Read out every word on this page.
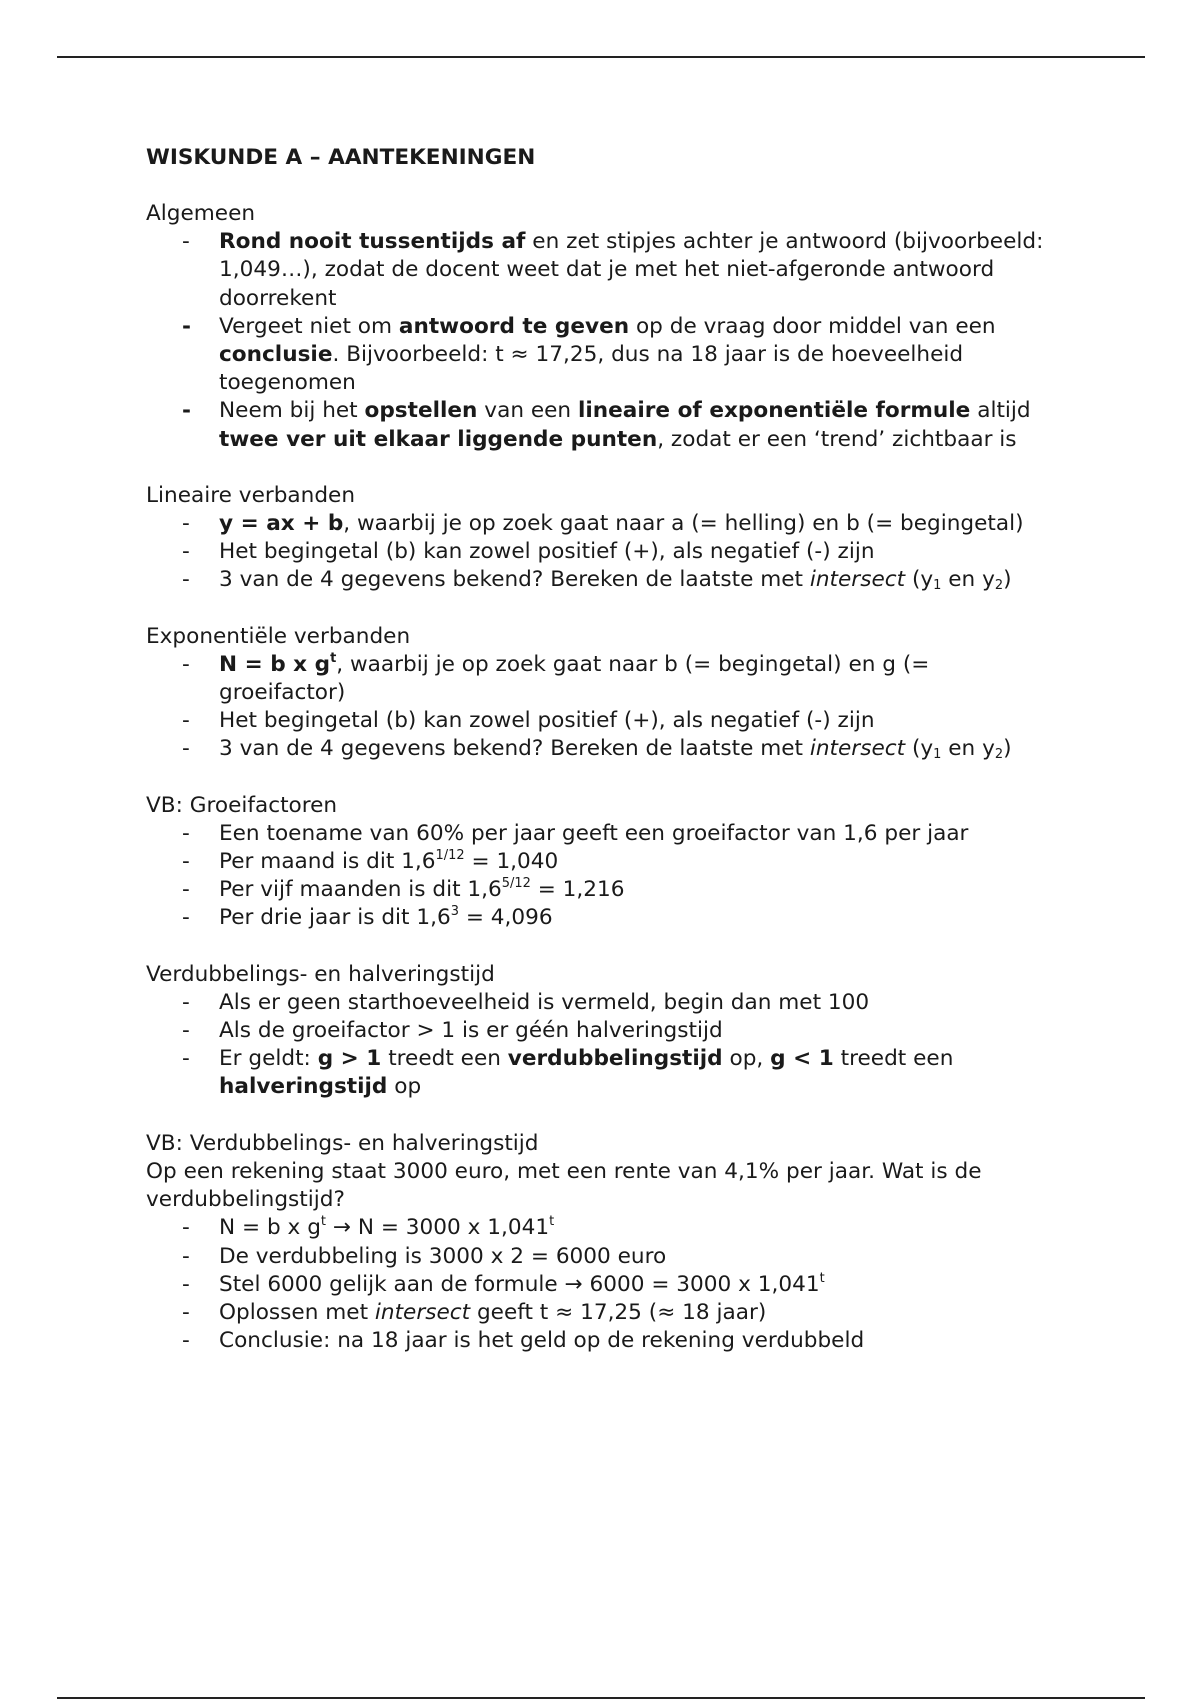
WISKUNDE A – AANTEKENINGEN

Algemeen

- Rond nooit tussentijds af en zet stipjes achter je antwoord (bijvoorbeeld: 1,049…), zodat de docent weet dat je met het niet-afgeronde antwoord doorrekent
- Vergeet niet om antwoord te geven op de vraag door middel van een conclusie. Bijvoorbeeld: t ≈ 17,25, dus na 18 jaar is de hoeveelheid toegenomen
- Neem bij het opstellen van een lineaire of exponentiële formule altijd twee ver uit elkaar liggende punten, zodat er een ‘trend’ zichtbaar is

Lineaire verbanden

- y = ax + b, waarbij je op zoek gaat naar a (= helling) en b (= begingetal)
- Het begingetal (b) kan zowel positief (+), als negatief (-) zijn
- 3 van de 4 gegevens bekend? Bereken de laatste met intersect ($y_1$ en $y_2$)

Exponentiële verbanden

- N = b x $g^t$, waarbij je op zoek gaat naar b (= begingetal) en g (= groeifactor)
- Het begingetal (b) kan zowel positief (+), als negatief (-) zijn
- 3 van de 4 gegevens bekend? Bereken de laatste met intersect ($y_1$ en $y_2$)

VB: Groeifactoren

- Een toename van 60% per jaar geeft een groeifactor van 1,6 per jaar
- Per maand is dit $1,6^{1/12} = 1,040$
- Per vijf maanden is dit $1,6^{5/12} = 1,216$
- Per drie jaar is dit $1,6^3 = 4,096$

Verdubbelings- en halveringstijd

- Als er geen starthoeveelheid is vermeld, begin dan met 100
- Als de groeifactor > 1 is er géén halveringstijd
- Er geldt: g > 1 treedt een verdubbelingstijd op, g < 1 treedt een halveringstijd op

VB: Verdubbelings- en halveringstijd

Op een rekening staat 3000 euro, met een rente van 4,1% per jaar. Wat is de verdubbelingstijd?

- N = b x $g^t \to N = 3000$ x 1,041$^t$
- De verdubbeling is 3000 x 2 = 6000 euro
- Stel 6000 gelijk aan de formule → 6000 = 3000 x 1,041$^t$
- Oplossen met intersect geeft t ≈ 17,25 (≈ 18 jaar)
- Conclusie: na 18 jaar is het geld op de rekening verdubbeld
